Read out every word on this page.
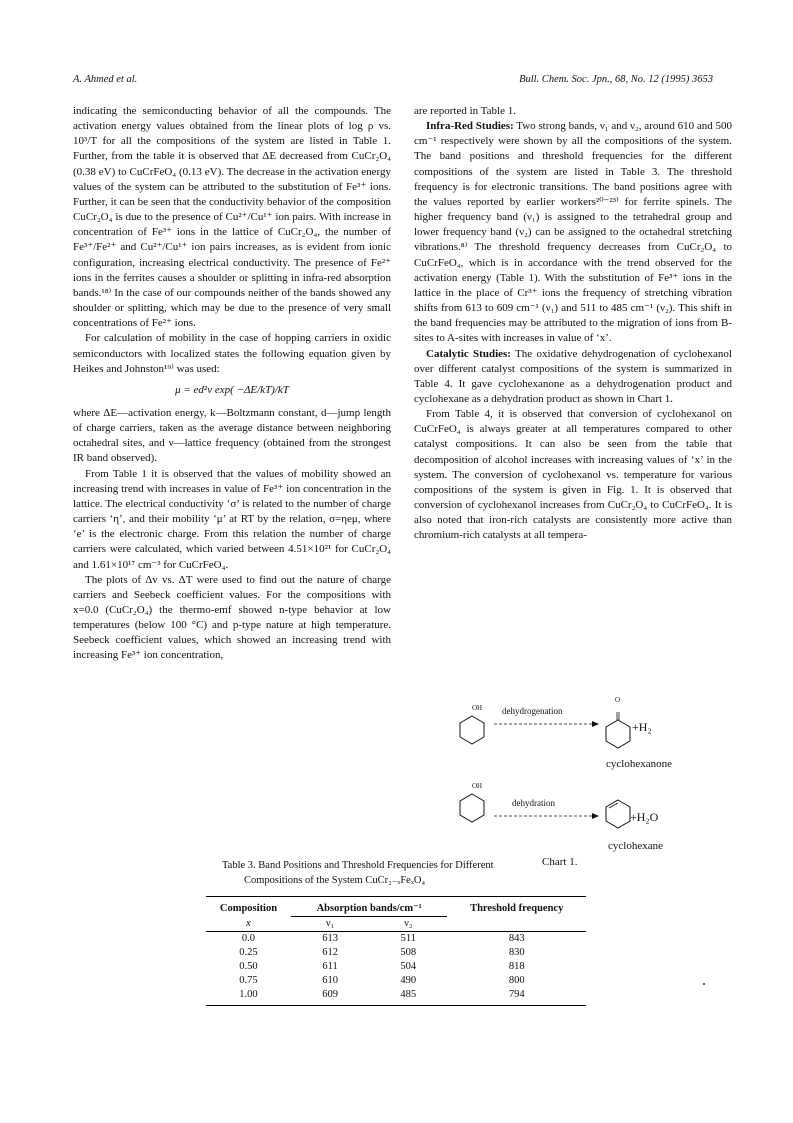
A. Ahmed et al.	Bull. Chem. Soc. Jpn., 68, No. 12 (1995) 3653

indicating the semiconducting behavior of all the compounds. The activation energy values obtained from the linear plots of log ρ vs. 10³/T for all the compositions of the system are listed in Table 1. Further, from the table it is observed that ΔE decreased from CuCr₂O₄ (0.38 eV) to CuCrFeO₄ (0.13 eV). The decrease in the activation energy values of the system can be attributed to the substitution of Fe³⁺ ions. Further, it can be seen that the conductivity behavior of the composition CuCr₂O₄ is due to the presence of Cu²⁺/Cu¹⁺ ion pairs. With increase in concentration of Fe³⁺ ions in the lattice of CuCr₂O₄, the number of Fe³⁺/Fe²⁺ and Cu²⁺/Cu¹⁺ ion pairs increases, as is evident from ionic configuration, increasing electrical conductivity. The presence of Fe²⁺ ions in the ferrites causes a shoulder or splitting in infra-red absorption bands.¹⁸⁾ In the case of our compounds neither of the bands showed any shoulder or splitting, which may be due to the presence of very small concentrations of Fe²⁺ ions.

For calculation of mobility in the case of hopping carriers in oxidic semiconductors with localized states the following equation given by Heikes and Johnston¹⁹⁾ was used:

μ = ed²ν exp( −ΔE/kT)/kT

where ΔE—activation energy, k—Boltzmann constant, d—jump length of charge carriers, taken as the average distance between neighboring octahedral sites, and ν—lattice frequency (obtained from the strongest IR band observed).

From Table 1 it is observed that the values of mobility showed an increasing trend with increases in value of Fe³⁺ ion concentration in the lattice. The electrical conductivity ‘σ’ is related to the number of charge carriers ‘η’, and their mobility ‘μ’ at RT by the relation, σ=ηeμ, where ‘e’ is the electronic charge. From this relation the number of charge carriers were calculated, which varied between 4.51×10²¹ for CuCr₂O₄ and 1.61×10¹⁷ cm⁻³ for CuCrFeO₄.

The plots of Δv vs. ΔT were used to find out the nature of charge carriers and Seebeck coefficient values. For the compositions with x=0.0 (CuCr₂O₄) the thermo-emf showed n-type behavior at low temperatures (below 100 °C) and p-type nature at high temperature. Seebeck coefficient values, which showed an increasing trend with increasing Fe³⁺ ion concentration,

are reported in Table 1.

Infra-Red Studies: Two strong bands, ν₁ and ν₂, around 610 and 500 cm⁻¹ respectively were shown by all the compositions of the system. The band positions and threshold frequencies for the different compositions of the system are listed in Table 3. The threshold frequency is for electronic transitions. The band positions agree with the values reported by earlier workers²⁰⁻²³⁾ for ferrite spinels. The higher frequency band (ν₁) is assigned to the tetrahedral group and lower frequency band (ν₂) can be assigned to the octahedral stretching vibrations.⁸⁾ The threshold frequency decreases from CuCr₂O₄ to CuCrFeO₄, which is in accordance with the trend observed for the activation energy (Table 1). With the substitution of Fe³⁺ ions in the lattice in the place of Cr³⁺ ions the frequency of stretching vibration shifts from 613 to 609 cm⁻¹ (ν₁) and 511 to 485 cm⁻¹ (ν₂). This shift in the band frequencies may be attributed to the migration of ions from B-sites to A-sites with increases in value of ‘x’.

Catalytic Studies: The oxidative dehydrogenation of cyclohexanol over different catalyst compositions of the system is summarized in Table 4. It gave cyclohexanone as a dehydrogenation product and cyclohexane as a dehydration product as shown in Chart 1.

From Table 4, it is observed that conversion of cyclohexanol on CuCrFeO₄ is always greater at all temperatures compared to other catalyst compositions. It can also be seen from the table that decomposition of alcohol increases with increasing values of ‘x’ in the system. The conversion of cyclohexanol vs. temperature for various compositions of the system is given in Fig. 1. It is observed that conversion of cyclohexanol increases from CuCr₂O₄ to CuCrFeO₄. It is also noted that iron-rich catalysts are consistently more active than chromium-rich catalysts at all tempera-

OH dehydrogenation
O
+H₂
cyclohexanone
OH
dehydration
+H₂O
cyclohexane
Chart 1.
Table 3. Band Positions and Threshold Frequencies for Different
Compositions of the System CuCr₂₋ₓFeₓO₄
Composition	Absorption bands/cm⁻¹		Threshold frequency
x	ν₁	ν₂	
0.0	613	511	843
0.25	612	508	830
0.50	611	504	818
0.75	610	490	800
1.00	609	485	794
